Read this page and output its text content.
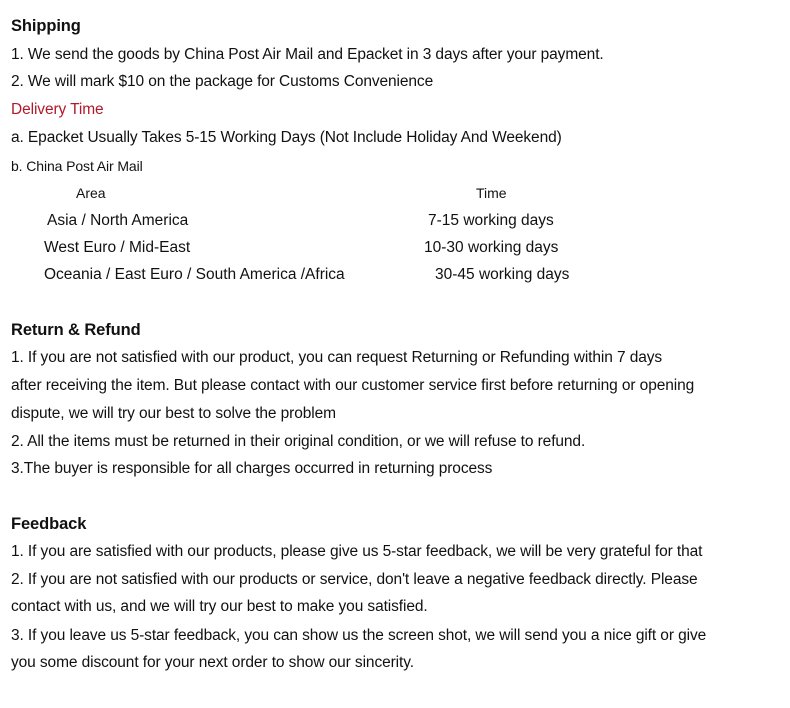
Shipping
1. We send the goods by China Post Air Mail and Epacket in 3 days after your payment.
2. We will mark $10 on the package for Customs Convenience
Delivery Time
a. Epacket Usually Takes 5-15 Working Days (Not Include Holiday And Weekend)
b. China Post Air Mail
Area	Time
Asia / North America	7-15 working days
West Euro / Mid-East	10-30 working days
Oceania / East Euro / South America /Africa	30-45 working days
Return & Refund
1. If you are not satisfied with our product, you can request Returning or Refunding within 7 days
after receiving the item. But please contact with our customer service first before returning or opening
dispute, we will try our best to solve the problem
2. All the items must be returned in their original condition, or we will refuse to refund.
3.The buyer is responsible for all charges occurred in returning process
Feedback
1. If you are satisfied with our products, please give us 5-star feedback, we will be very grateful for that
2. If you are not satisfied with our products or service, don't leave a negative feedback directly. Please
contact with us, and we will try our best to make you satisfied.
3. If you leave us 5-star feedback, you can show us the screen shot, we will send you a nice gift or give
you some discount for your next order to show our sincerity.
